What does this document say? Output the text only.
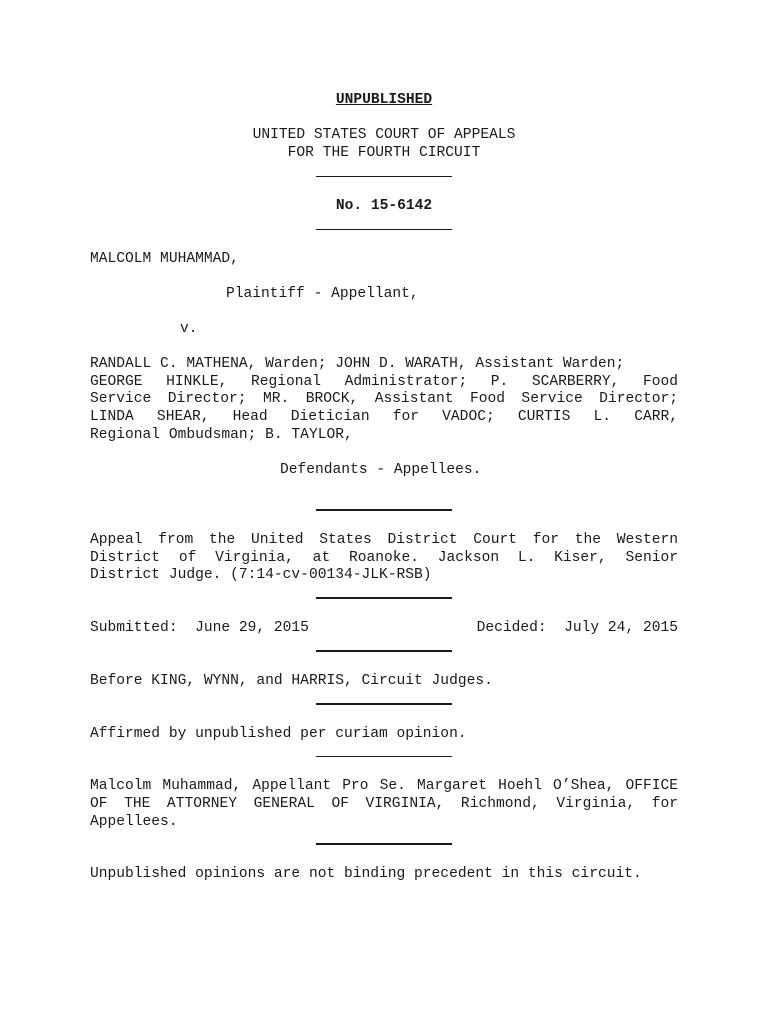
UNPUBLISHED
UNITED STATES COURT OF APPEALS
FOR THE FOURTH CIRCUIT
No. 15-6142
MALCOLM MUHAMMAD,
Plaintiff - Appellant,
v.
RANDALL C. MATHENA, Warden; JOHN D. WARATH, Assistant Warden;
GEORGE HINKLE, Regional Administrator; P. SCARBERRY, Food
Service Director; MR. BROCK, Assistant Food Service Director;
LINDA SHEAR, Head Dietician for VADOC; CURTIS L. CARR,
Regional Ombudsman; B. TAYLOR,
Defendants - Appellees.
Appeal from the United States District Court for the Western
District of Virginia, at Roanoke. Jackson L. Kiser, Senior
District Judge. (7:14-cv-00134-JLK-RSB)
Submitted:  June 29, 2015	Decided:  July 24, 2015
Before KING, WYNN, and HARRIS, Circuit Judges.
Affirmed by unpublished per curiam opinion.
Malcolm Muhammad, Appellant Pro Se. Margaret Hoehl O’Shea, OFFICE
OF THE ATTORNEY GENERAL OF VIRGINIA, Richmond, Virginia, for
Appellees.
Unpublished opinions are not binding precedent in this circuit.
